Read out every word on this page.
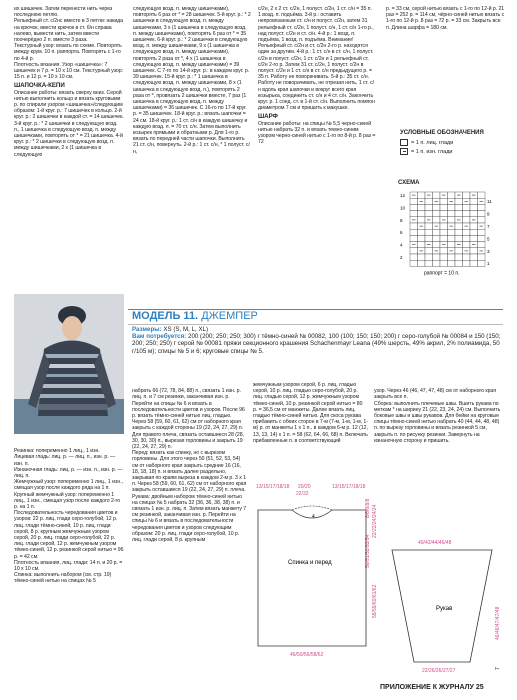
их шишечек. Затем перенести нить через последнюю петлю.

Рельефный ст. с/2нс вместе в 3 петли: накида на крючок, ввести крючок в ст. б/н справа налево, вывести нить, затем ввести поочерёдно 2 п. вместе 3 раза.

Текстурный узор: вязать по схеме. Повторять между крум. 10 п. раппорта. Повторять с 1-го по 4-й р.

Плотность вязания. Узор «шишечка»: 7 шишечек и 7 р. = 10 x 10 см. Текстурный узор: 15 п. и 12 р. = 10 x 10 см.

ШАПОЧКА-КЕПИ

Описание работы: вязать сверху вниз. Серой нитью выполнить кольцо и вязать круговыми р. по спирали узором «шишечка»/следующим образом: 1-й круг. р.: 7 шишечек в кольцо. 2-й круг. р.: 2 шишечки в каждой ст. = 14 шишечек. 3-й круг. р.: * 2 шишечки в следующую возд. п., 1 шишечка в следующую возд. п. между шишечками, повторять от * = 21 шишечка. 4-й круг. р.: * 2 шишечки в следующую возд. п. между шишечками, 2 х (1 шишечка в следующую

следующую возд. п. между шишечками), повторять 6 раз от * = 28 шишечек. 5-й круг. р.: * 2 шишечки в следующую возд. п. между шишечками, 3 х (1 шишечка в следующую возд. п. между шишечками), повторять 6 раз от * = 35 шишечек. 6-й круг. р.: * 2 шишечки в следующую возд. п. между шишечками, 9 х (1 шишечка в следующую возд. п. между шишечками), повторять 2 раза от *, 4 х (1 шишечка в следующую возд. п. между шишечками) = 39 шишечек. С 7-го по 14-й круг. р.: в каждом круг. р. 39 шишечек. 15-й круг. р.: * 1 шишечка в следующую возд. п. между шишечками, 8 х (1 шишечка в следующую возд. п.), повторять 2 раза от *, провязать 2 шишечки вместе, 7 раз (1 шишечка в следующую возд. п. между шишечками) = 36 шишечек. С 16-го по 17-й круг. р. = 35 шишечек. 18-й круг. р.: вязать шапочки = 24 см. 18-й круг. р.: 1 ст. с/н в каждую шишечку и каждую возд. п. = 70 ст. с/н. Затем выполнить козырек прямыми и обратными р. Для 1-го р. вязать по передней части шапочки. Выполнить 21 ст. с/н, повернуть. 2-й р.: 1 ст. с/н, * 1 полуст. с/н,

с/2н, 2 х 2 ст. с/2н, 1 полуст. с/2н, 1 ст. с/н = 35 п. 1 возд. п. подъёма. 3-й р.: оставить непровязанным ст. с/н и полуст. с/2н, затем 31 рельефный ст. с/2н, 1 полуст. с/н, 1 ст. с/н 1-го р., над полуст. с/2н и ст. с/н. 4-й р.: 1 возд. п. подъёма, 1 возд. п. подъёма. Внимание! Рельефный ст. с/2н и ст. с/2н 2-го р. находятся один за другим. 4-й р.: 1 ст. с/н в ст. с/н, 1 полуст. с/2н в полуст. с/2н, 1 ст. с/2н и 1 рельефный ст. с/2н 2-го р. Затем 31 ст. с/2н, 1 полуст. с/2н в полуст. с/2н и 1 ст. с/н в ст. с/н предыдущего р. = 35 п. Работу не поворачивать. 5-й р.: 35 ст. с/н. Работу не поворачивать, не отрезая нить, 1 ст. с/н вдоль края шапочки и вокруг всего края козырька, соединить ст. с/н и 4 ст. с/н. Закончить круг. р. 1 соед. ст. в 1-й ст. с/н. Выполнить помпон диаметром 7 см и пришить к макушке.

ШАРФ

Описание работы: на спицы № 5,5 черно-синей нитью набрать 32 п. и вязать темно-синим узором черно-синей нитью с 1-го по 8-й р. 8 раз = 72

р. = 33 см, серой нитью вязать с 1-го по 12-й р. 21 раз = 252 р. = 114 см, чёрно-синей нитью вязать с 1-го по 12-й р. 8 раз = 72 р. = 33 см. Закрыть все п. Длина шарфа = 180 см.

УСЛОВНЫЕ ОБОЗНАЧЕНИЯ
= 1 п. лиц. глади
= 1 п. изн. глади
СХЕМА
12
10
8
6
4
2
11
9
7
5
3
1
раппорт = 10 п.
МОДЕЛЬ 11. ДЖЕМПЕР
Размеры: XS (S, M, L, XL)
Вам потребуется: 200 (200; 250; 250; 300) г тёмно-синей № 00082, 100 (100; 150; 150; 200) г серо-голубой № 00084 и 150 (150; 200; 250; 250) г серой № 00081 пряжи секционного крашения Schachenmayr Leana (49% шерсть, 49% акрил, 2% полиамида, 50 г/105 м); спицы № 5 и 6; круговые спицы № 5.

Резинка: попеременно 1 лиц., 1 изн.
Лицевая гладь: лиц. р. — лиц. п., изн. р. — изн. п.
Изнаночная гладь: лиц. р. — изн. п., изн. р. — лиц. п.
Жемчужный узор: попеременно 1 лиц., 1 изн., смещая узор после каждого ряда на 1 п.
Крупный жемчужный узор: попеременно 1 лиц., 1 изн., смещая узор после каждого 2-го р. на 1 п.
Последовательность чередования цветов и узоров: 22 р. лиц. глади серо-голубой, 12 р. лиц. глади тёмно-синей, 10 р. лиц. глади серой, 8 р. крупным жемчужным узором серой, 20 р. лиц. глади серо-голубой, 22 р. лиц. глади серой, 12 р. жемчужным узором тёмно-синей, 12 р. резинкой серой нитью = 96 р. = 42 см.
Плотность вязания, лиц. глади: 14 п. и 20 р. = 10 x 10 см.
Спинка: выполнить набором (см. стр. 19) тёмно-синей нитью на спицах № 5

набрать 66 (72, 78, 84, 88) п., связать 1 изн. р. лиц. п. и 7 см резинки, заканчивая изн. р. Перейти на спицы № 6 и вязать в последовательности цветов и узоров. После 96 р. вязать тёмно-синей нитью лиц. гладью. Через 58 (59, 60, 61, 62) см от наборного края закрыть с каждой стороны 19 (22, 24, 27, 29) п. Для правого плеча, связать оставшиеся 28 (28, 30, 30, 30) п., вырезая горловины и закрыть 19 (22, 24, 27, 29) п.
Перед: вязать как спинку, но с вырезом горловины. Для этого через 50 (51, 52, 53, 54) см от наборного края закрыть средние 16 (16, 18, 18, 18) п. и вязать далее раздельно, закрывая по краям выреза в каждом 2-м р. 3 x 1 п. Через 58 (59, 60, 61, 62) см от наборного края закрыть оставшиеся 19 (22, 24, 27, 29) п. плеча.
Рукава: двойным набором тёмно-синей нитью на спицах № 5 набрать 32 (36, 36, 38, 38) п. и связать 1 изн. р. лиц. п. Затем вязать манжету 7 см резинкой, заканчивая изн. р. Перейти на спицы № 6 и вязать в последовательности чередования цветов и узоров следующим образом: 20 р. лиц. глади серо-голубой, 10 р. лиц. глади серой, 8 р. крупным

жемчужным узором серой, 6 р. лиц. гладью серой, 10 р. лиц. гладью серо-голубой, 20 р. лиц. гладью серой, 12 р. жемчужным узором тёмно-синей, 10 р. резинкой серой нитью = 80 р. = 36,5 см от манжеты. Далее вязать лиц. гладью тёмно-синей нитью. Для скоса рукава прибавить с обеих сторон в 7-м (7-м, 1-м, 1-м, 1-м) р. от манжеты 1 x 1 п., в каждом 6-м р. 12 (12, 13, 13, 14) x 1 п. = 58 (62, 64, 66, 68) п. Включать прибавленные п. в соответствующий

узор. Через 46 (46, 47, 47, 48) см от наборного края закрыть все п.
Сборка: выполнить плечевые швы. Вшить рукава по меткам * на ширину 21 (22, 23, 24, 24) см. Выполнить боковые швы и швы рукавов. Для бейки на круговые спицы тёмно-синей нитью набрать 40 (44, 44, 48, 48) п. по вырезу горловины и вязать резинкой 5 см, закрыть п. по рисунку резинки. Завернуть на изнаночную сторону и пришить.

13/15/17/18/18 20/20
22/22
13/15/17/18/18
4
Спинка и перед	50/51/52/53/54
58/59/60/61/62
8/8/8/8/8 22/22/24/24/24
46/50/56/58/62
40/42/44/46/48
Рукав	46/46/47/47/48
7
22/26/26/27/27
ПРИЛОЖЕНИЕ К ЖУРНАЛУ 25
